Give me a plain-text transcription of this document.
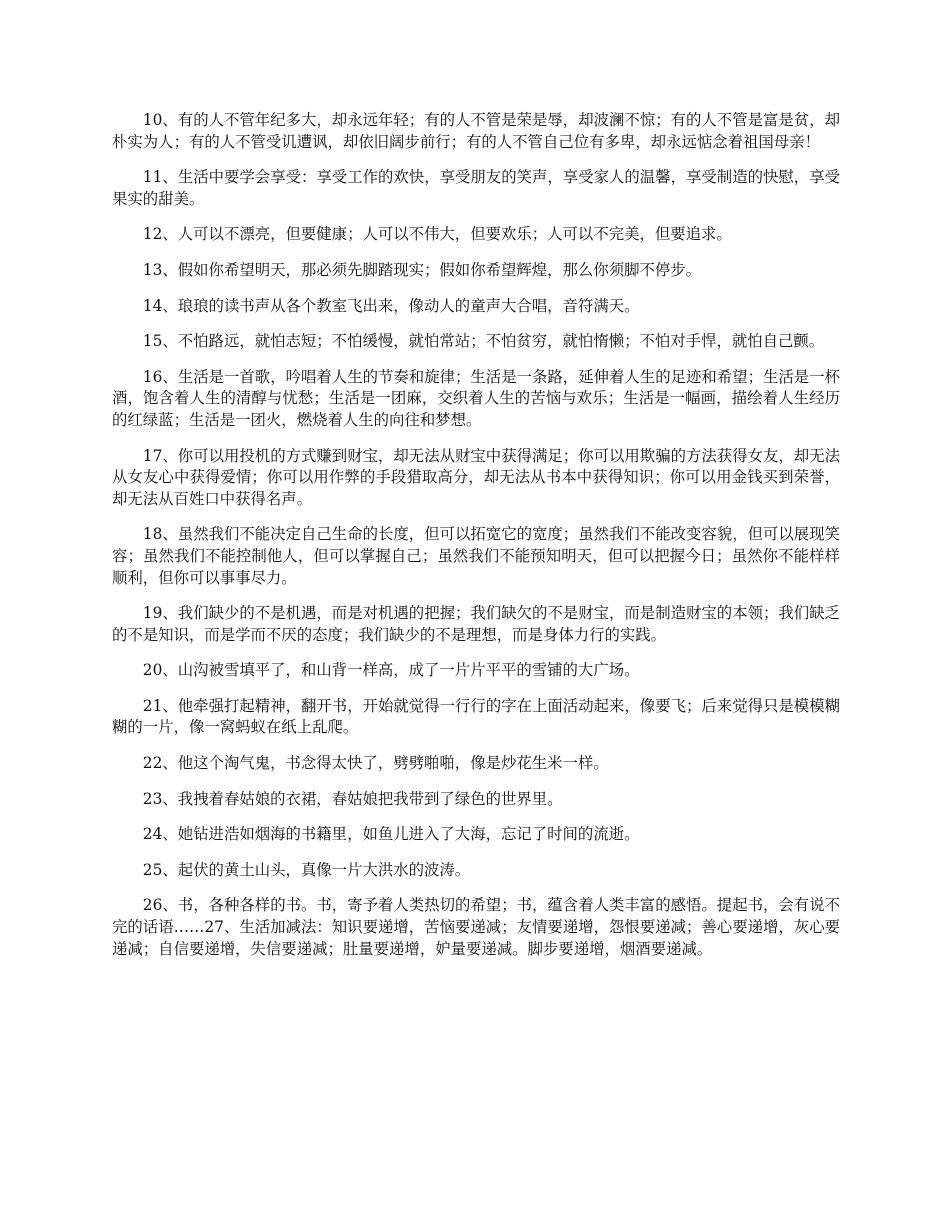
10、有的人不管年纪多大，却永远年轻；有的人不管是荣是辱，却波澜不惊；有的人不管是富是贫，却朴实为人；有的人不管受讥遭讽，却依旧阔步前行；有的人不管自己位有多卑，却永远惦念着祖国母亲！

11、生活中要学会享受：享受工作的欢快，享受朋友的笑声，享受家人的温馨，享受制造的快慰，享受果实的甜美。

12、人可以不漂亮，但要健康；人可以不伟大，但要欢乐；人可以不完美，但要追求。

13、假如你希望明天，那必须先脚踏现实；假如你希望辉煌，那么你须脚不停步。

14、琅琅的读书声从各个教室飞出来，像动人的童声大合唱，音符满天。

15、不怕路远，就怕志短；不怕缓慢，就怕常站；不怕贫穷，就怕惰懒；不怕对手悍，就怕自己颤。

16、生活是一首歌，吟唱着人生的节奏和旋律；生活是一条路，延伸着人生的足迹和希望；生活是一杯酒，饱含着人生的清醇与忧愁；生活是一团麻，交织着人生的苦恼与欢乐；生活是一幅画，描绘着人生经历的红绿蓝；生活是一团火，燃烧着人生的向往和梦想。

17、你可以用投机的方式赚到财宝，却无法从财宝中获得满足；你可以用欺骗的方法获得女友，却无法从女友心中获得爱情；你可以用作弊的手段猎取高分，却无法从书本中获得知识；你可以用金钱买到荣誉，却无法从百姓口中获得名声。

18、虽然我们不能决定自己生命的长度，但可以拓宽它的宽度；虽然我们不能改变容貌，但可以展现笑容；虽然我们不能控制他人，但可以掌握自己；虽然我们不能预知明天，但可以把握今日；虽然你不能样样顺利，但你可以事事尽力。

19、我们缺少的不是机遇，而是对机遇的把握；我们缺欠的不是财宝，而是制造财宝的本领；我们缺乏的不是知识，而是学而不厌的态度；我们缺少的不是理想，而是身体力行的实践。

20、山沟被雪填平了，和山背一样高，成了一片片平平的雪铺的大广场。

21、他牵强打起精神，翻开书，开始就觉得一行行的字在上面活动起来，像要飞；后来觉得只是模模糊糊的一片，像一窝蚂蚁在纸上乱爬。

22、他这个淘气鬼，书念得太快了，劈劈啪啪，像是炒花生米一样。

23、我拽着春姑娘的衣裙，春姑娘把我带到了绿色的世界里。

24、她钻进浩如烟海的书籍里，如鱼儿进入了大海，忘记了时间的流逝。

25、起伏的黄土山头，真像一片大洪水的波涛。

26、书，各种各样的书。书，寄予着人类热切的希望；书，蕴含着人类丰富的感悟。提起书，会有说不完的话语……27、生活加减法：知识要递增，苦恼要递减；友情要递增，怨恨要递减；善心要递增，灰心要递减；自信要递增，失信要递减；肚量要递增，妒量要递减。脚步要递增，烟酒要递减。
